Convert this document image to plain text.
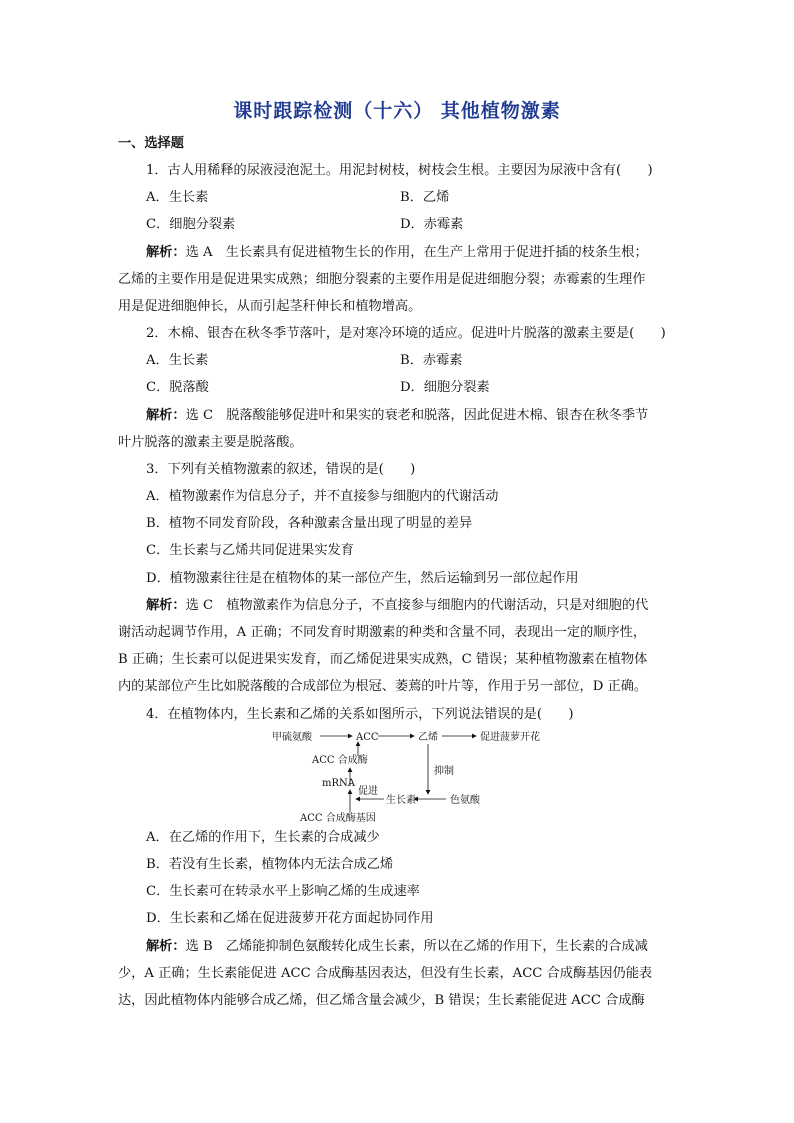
课时跟踪检测（十六） 其他植物激素
一、选择题
1．古人用稀释的尿液浸泡泥土。用泥封树枝，树枝会生根。主要因为尿液中含有(　　)
A．生长素	B．乙烯
C．细胞分裂素	D．赤霉素
解析：选 A　生长素具有促进植物生长的作用，在生产上常用于促进扦插的枝条生根；
乙烯的主要作用是促进果实成熟；细胞分裂素的主要作用是促进细胞分裂；赤霉素的生理作
用是促进细胞伸长，从而引起茎秆伸长和植物增高。
2．木棉、银杏在秋冬季节落叶，是对寒冷环境的适应。促进叶片脱落的激素主要是(　　)
A．生长素	B．赤霉素
C．脱落酸	D．细胞分裂素
解析：选 C　脱落酸能够促进叶和果实的衰老和脱落，因此促进木棉、银杏在秋冬季节
叶片脱落的激素主要是脱落酸。
3．下列有关植物激素的叙述，错误的是(　　)
A．植物激素作为信息分子，并不直接参与细胞内的代谢活动
B．植物不同发育阶段，各种激素含量出现了明显的差异
C．生长素与乙烯共同促进果实发育
D．植物激素往往是在植物体的某一部位产生，然后运输到另一部位起作用
解析：选 C　植物激素作为信息分子，不直接参与细胞内的代谢活动，只是对细胞的代
谢活动起调节作用，A 正确；不同发育时期激素的种类和含量不同，表现出一定的顺序性，
B 正确；生长素可以促进果实发育，而乙烯促进果实成熟，C 错误；某种植物激素在植物体
内的某部位产生比如脱落酸的合成部位为根冠、萎蔫的叶片等，作用于另一部位，D 正确。
4．在植物体内，生长素和乙烯的关系如图所示，下列说法错误的是(　　)
甲硫氨酸	ACC	乙烯	促进菠萝开花
ACC 合成酶
mRNA
ACC 合成酶基因
抑制
生长素	色氨酸
促进
A．在乙烯的作用下，生长素的合成减少
B．若没有生长素，植物体内无法合成乙烯
C．生长素可在转录水平上影响乙烯的生成速率
D．生长素和乙烯在促进菠萝开花方面起协同作用
解析：选 B　乙烯能抑制色氨酸转化成生长素，所以在乙烯的作用下，生长素的合成减
少，A 正确；生长素能促进 ACC 合成酶基因表达，但没有生长素，ACC 合成酶基因仍能表
达，因此植物体内能够合成乙烯，但乙烯含量会减少，B 错误；生长素能促进 ACC 合成酶
